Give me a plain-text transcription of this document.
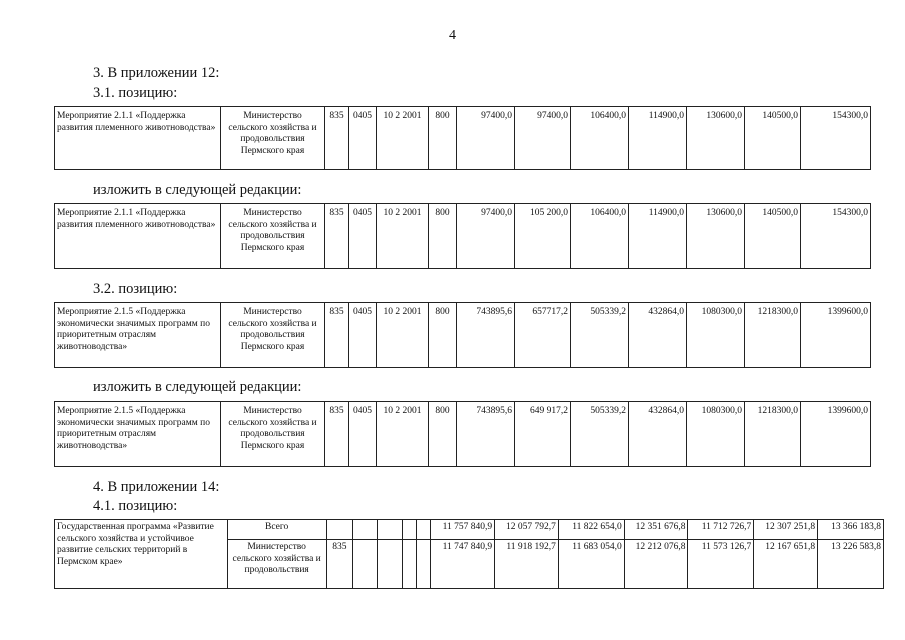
4
3. В приложении 12:
3.1. позицию:
Мероприятие 2.1.1 «Поддержка развития племенного животноводства»	Министерство сельского хозяйства и продовольствия Пермского края	835	0405	10 2 2001	800	97400,0	97400,0	106400,0	114900,0	130600,0	140500,0	154300,0
изложить в следующей редакции:
Мероприятие 2.1.1 «Поддержка развития племенного животноводства»	Министерство сельского хозяйства и продовольствия Пермского края	835	0405	10 2 2001	800	97400,0	105 200,0	106400,0	114900,0	130600,0	140500,0	154300,0
3.2. позицию:
Мероприятие 2.1.5 «Поддержка экономически значимых программ по приоритетным отраслям животноводства»	Министерство сельского хозяйства и продовольствия Пермского края	835	0405	10 2 2001	800	743895,6	657717,2	505339,2	432864,0	1080300,0	1218300,0	1399600,0
изложить в следующей редакции:
Мероприятие 2.1.5 «Поддержка экономически значимых программ по приоритетным отраслям животноводства»	Министерство сельского хозяйства и продовольствия Пермского края	835	0405	10 2 2001	800	743895,6	649 917,2	505339,2	432864,0	1080300,0	1218300,0	1399600,0
4. В приложении 14:
4.1. позицию:
Государственная программа «Развитие сельского хозяйства и устойчивое развитие сельских территорий в Пермском крае»	Всего						11 757 840,9	12 057 792,7	11 822 654,0	12 351 676,8	11 712 726,7	12 307 251,8	13 366 183,8
	Министерство сельского хозяйства и продовольствия	835					11 747 840,9	11 918 192,7	11 683 054,0	12 212 076,8	11 573 126,7	12 167 651,8	13 226 583,8
